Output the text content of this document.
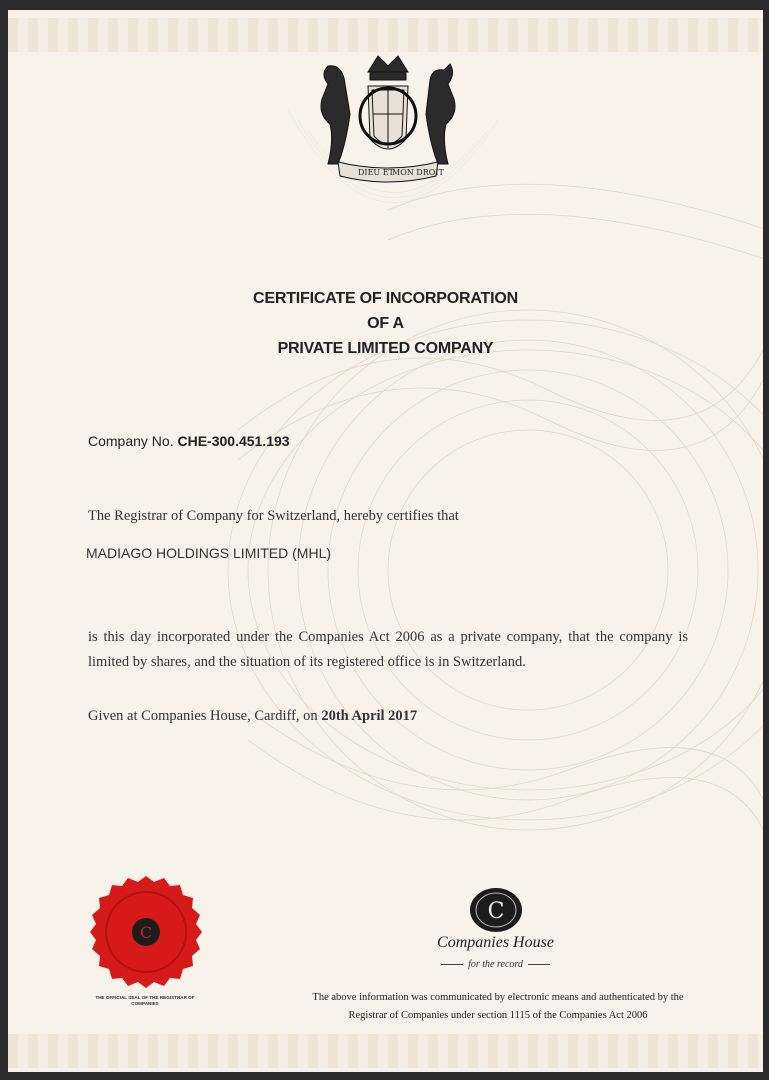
DIEU ET
MON DROIT
CERTIFICATE OF INCORPORATION
OF A
PRIVATE LIMITED COMPANY
Company No. CHE-300.451.193
The Registrar of Company for Switzerland, hereby certifies that
MADIAGO HOLDINGS LIMITED (MHL)
is this day incorporated under the Companies Act 2006 as a private company, that the company is limited by shares, and the situation of its registered office is in Switzerland.
Given at Companies House, Cardiff, on 20th April 2017
C
THE OFFICIAL SEAL OF THE REGISTRAR OF COMPANIES
C
Companies House
for the record
The above information was communicated by electronic means and authenticated by the
Registrar of Companies under section 1115 of the Companies Act 2006
